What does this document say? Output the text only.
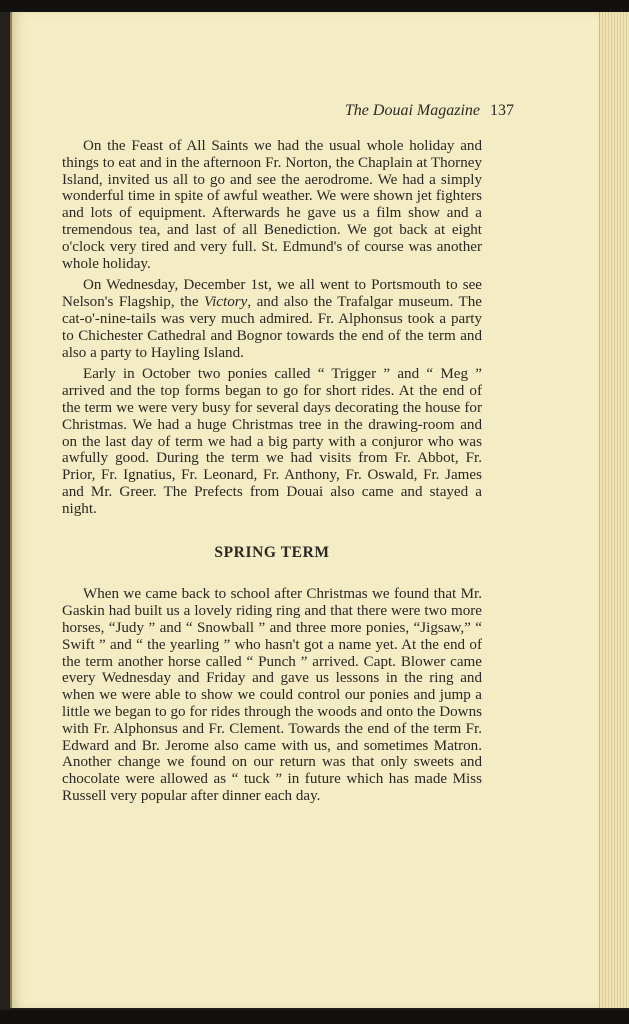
The Douai Magazine 137

On the Feast of All Saints we had the usual whole holiday and things to eat and in the afternoon Fr. Norton, the Chaplain at Thorney Island, invited us all to go and see the aerodrome. We had a simply wonderful time in spite of awful weather. We were shown jet fighters and lots of equipment. Afterwards he gave us a film show and a tremendous tea, and last of all Benediction. We got back at eight o'clock very tired and very full. St. Edmund's of course was another whole holiday.

On Wednesday, December 1st, we all went to Portsmouth to see Nelson's Flagship, the Victory, and also the Trafalgar museum. The cat-o'-nine-tails was very much admired. Fr. Alphonsus took a party to Chichester Cathedral and Bognor towards the end of the term and also a party to Hayling Island.

Early in October two ponies called “ Trigger ” and “ Meg ” arrived and the top forms began to go for short rides. At the end of the term we were very busy for several days decorating the house for Christmas. We had a huge Christmas tree in the drawing-room and on the last day of term we had a big party with a conjuror who was awfully good. During the term we had visits from Fr. Abbot, Fr. Prior, Fr. Ignatius, Fr. Leonard, Fr. Anthony, Fr. Oswald, Fr. James and Mr. Greer. The Prefects from Douai also came and stayed a night.

SPRING TERM

When we came back to school after Christmas we found that Mr. Gaskin had built us a lovely riding ring and that there were two more horses, “Judy ” and “ Snowball ” and three more ponies, “Jigsaw,” “ Swift ” and “ the yearling ” who hasn't got a name yet. At the end of the term another horse called “ Punch ” arrived. Capt. Blower came every Wednesday and Friday and gave us lessons in the ring and when we were able to show we could control our ponies and jump a little we began to go for rides through the woods and onto the Downs with Fr. Alphonsus and Fr. Clement. Towards the end of the term Fr. Edward and Br. Jerome also came with us, and sometimes Matron. Another change we found on our return was that only sweets and chocolate were allowed as “ tuck ” in future which has made Miss Russell very popular after dinner each day.
